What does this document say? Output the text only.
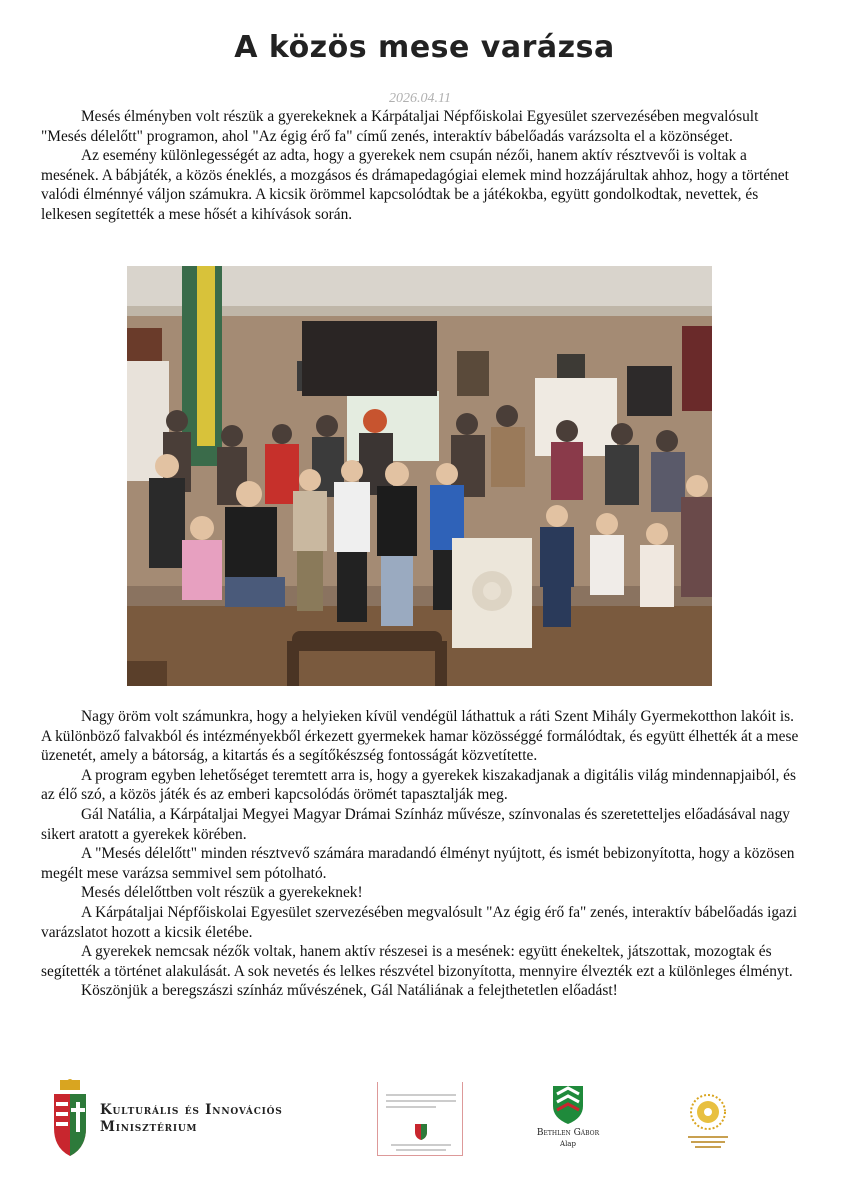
A közös mese varázsa
2026.04.11

Mesés élményben volt részük a gyerekeknek a Kárpátaljai Népfőiskolai Egyesület szervezésében megvalósult "Mesés délelőtt" programon, ahol "Az égig érő fa" című zenés, interaktív bábelőadás varázsolta el a közönséget.

Az esemény különlegességét az adta, hogy a gyerekek nem csupán nézői, hanem aktív résztvevői is voltak a mesének. A bábjáték, a közös éneklés, a mozgásos és drámapedagógiai elemek mind hozzájárultak ahhoz, hogy a történet valódi élménnyé váljon számukra. A kicsik örömmel kapcsolódtak be a játékokba, együtt gondolkodtak, nevettek, és lelkesen segítették a mese hősét a kihívások során.

Nagy öröm volt számunkra, hogy a helyieken kívül vendégül láthattuk a ráti Szent Mihály Gyermekotthon lakóit is. A különböző falvakból és intézményekből érkezett gyermekek hamar közösséggé formálódtak, és együtt élhették át a mese üzenetét, amely a bátorság, a kitartás és a segítőkészség fontosságát közvetítette.

A program egyben lehetőséget teremtett arra is, hogy a gyerekek kiszakadjanak a digitális világ mindennapjaiból, és az élő szó, a közös játék és az emberi kapcsolódás örömét tapasztalják meg.

Gál Natália, a Kárpátaljai Megyei Magyar Drámai Színház művésze, színvonalas és szeretetteljes előadásával nagy sikert aratott a gyerekek körében.

A "Mesés délelőtt" minden résztvevő számára maradandó élményt nyújtott, és ismét bebizonyította, hogy a közösen megélt mese varázsa semmivel sem pótolható.

Mesés délelőttben volt részük a gyerekeknek!

A Kárpátaljai Népfőiskolai Egyesület szervezésében megvalósult "Az égig érő fa" zenés, interaktív bábelőadás igazi varázslatot hozott a kicsik életébe.

A gyerekek nemcsak nézők voltak, hanem aktív részesei is a mesének: együtt énekeltek, játszottak, mozogtak és segítették a történet alakulását. A sok nevetés és lelkes részvétel bizonyította, mennyire élvezték ezt a különleges élményt.

Köszönjük a beregszászi színház művészének, Gál Natáliának a felejthetetlen előadást!

Kulturális és Innovációs
Minisztérium	Bethlen Gábor
Alap
